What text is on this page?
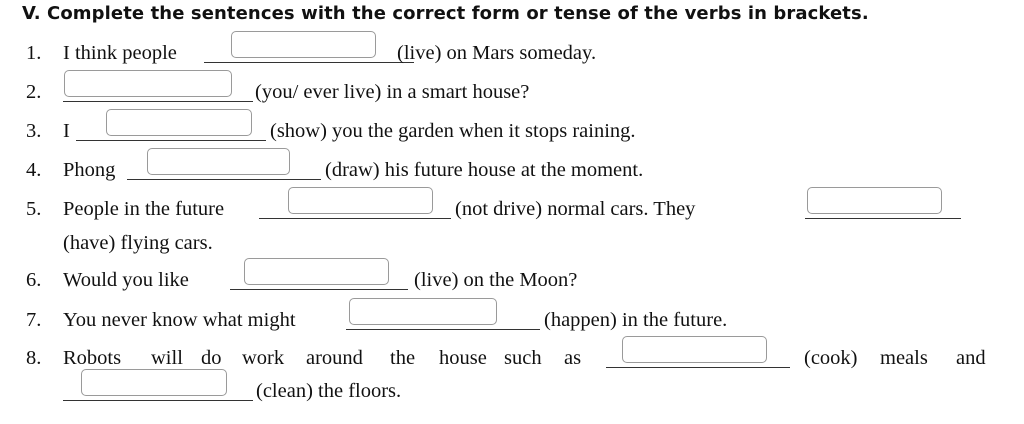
V. Complete the sentences with the correct form or tense of the verbs in brackets.
1. I think people	(live) on Mars someday.
2.	(you/ ever live) in a smart house?
3. I	(show) you the garden when it stops raining.
4. Phong	(draw) his future house at the moment.
5. People in the future	(not drive) normal cars. They
(have) flying cars.
6. Would you like	(live) on the Moon?
7. You never know what might	(happen) in the future.
8. Robots will do work around the house such as	(cook) meals and
(clean) the floors.
